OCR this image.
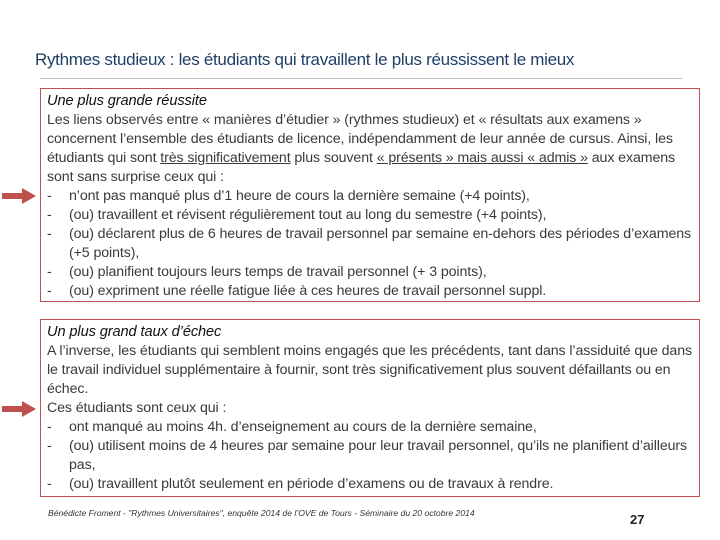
Rythmes studieux : les étudiants qui travaillent le plus réussissent le mieux
Une plus grande réussite

Les liens observés entre « manières d’étudier » (rythmes studieux) et « résultats aux examens » concernent l’ensemble des étudiants de licence, indépendamment de leur année de cursus. Ainsi, les étudiants qui sont très significativement plus souvent « présents » mais aussi « admis » aux examens sont sans surprise ceux qui :

- n’ont pas manqué plus d’1 heure de cours la dernière semaine (+4 points),
- (ou) travaillent et révisent régulièrement tout au long du semestre (+4 points),
- (ou) déclarent plus de 6 heures de travail personnel par semaine en-dehors des périodes d’examens (+5 points),
- (ou) planifient toujours leurs temps de travail personnel (+ 3 points),
- (ou) expriment une réelle fatigue liée à ces heures de travail personnel suppl.
Un plus grand taux d’échec

A l’inverse, les étudiants qui semblent moins engagés que les précédents, tant dans l’assiduité que dans le travail individuel supplémentaire à fournir, sont très significativement plus souvent défaillants ou en échec.

Ces étudiants sont ceux qui :

- ont manqué au moins 4h. d’enseignement au cours de la dernière semaine,
- (ou) utilisent moins de 4 heures par semaine pour leur travail personnel, qu’ils ne planifient d’ailleurs pas,
- (ou) travaillent plutôt seulement en période d’examens ou de travaux à rendre.
Bénédicte Froment - "Rythmes Universitaires", enquête 2014 de l’OVE de Tours - Séminaire du 20 octobre 2014	27
